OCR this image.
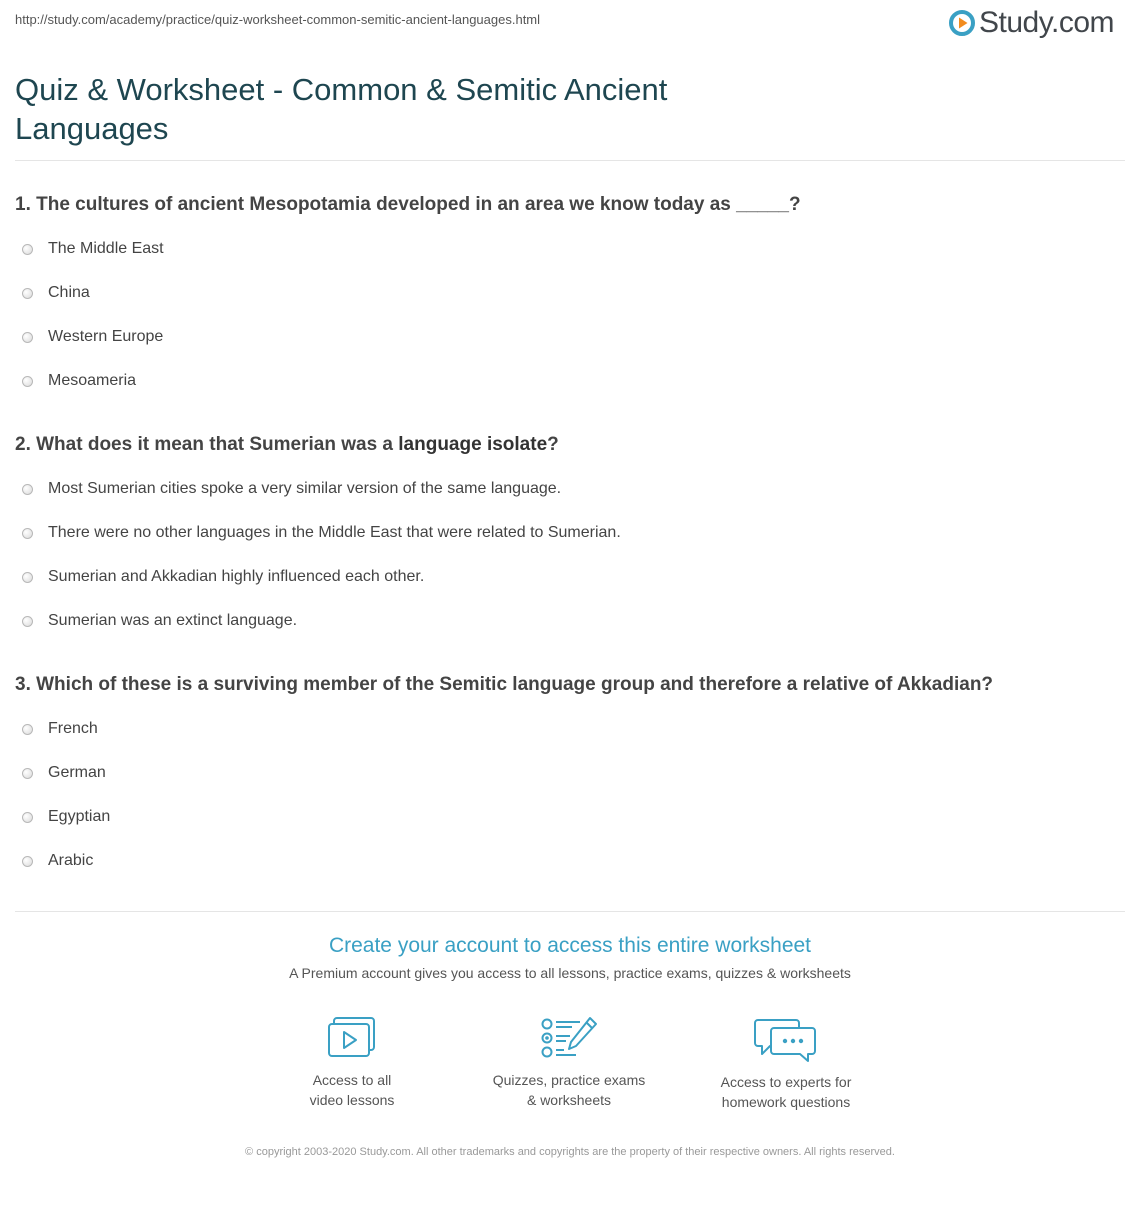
http://study.com/academy/practice/quiz-worksheet-common-semitic-ancient-languages.html	Study.com
Quiz & Worksheet - Common & Semitic Ancient Languages
1. The cultures of ancient Mesopotamia developed in an area we know today as _____?
The Middle East
China
Western Europe
Mesoameria
2. What does it mean that Sumerian was a language isolate?
Most Sumerian cities spoke a very similar version of the same language.
There were no other languages in the Middle East that were related to Sumerian.
Sumerian and Akkadian highly influenced each other.
Sumerian was an extinct language.
3. Which of these is a surviving member of the Semitic language group and therefore a relative of Akkadian?
French
German
Egyptian
Arabic
Create your account to access this entire worksheet
A Premium account gives you access to all lessons, practice exams, quizzes & worksheets
Access to all
video lessons
Quizzes, practice exams
& worksheets
Access to experts for
homework questions
© copyright 2003-2020 Study.com. All other trademarks and copyrights are the property of their respective owners. All rights reserved.
